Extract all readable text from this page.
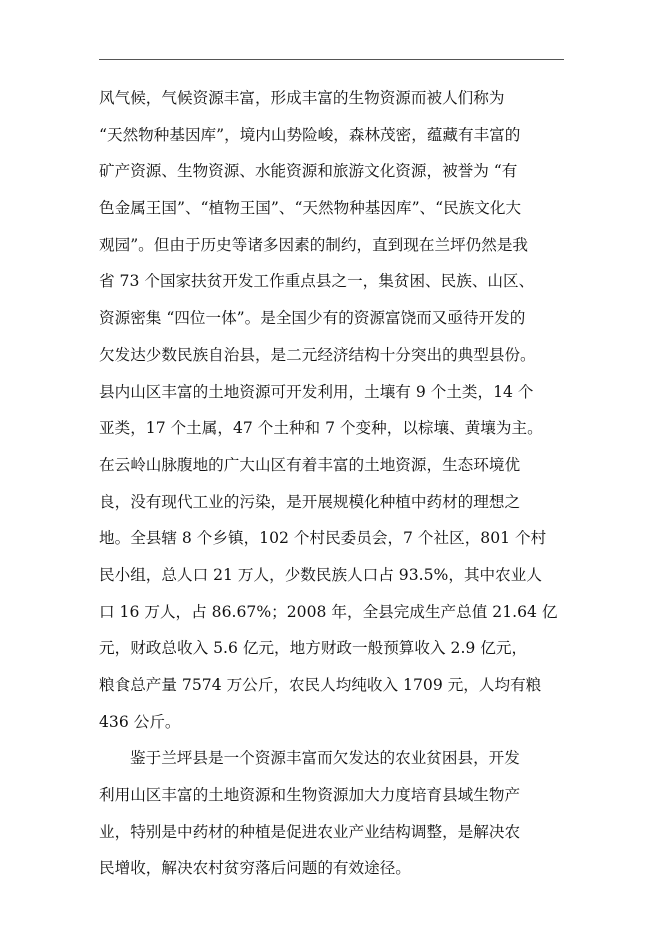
风气候，气候资源丰富，形成丰富的生物资源而被人们称为
“天然物种基因库”，境内山势险峻，森林茂密，蕴藏有丰富的
矿产资源、生物资源、水能资源和旅游文化资源，被誉为 “有
色金属王国”、“植物王国”、“天然物种基因库”、“民族文化大
观园”。但由于历史等诸多因素的制约，直到现在兰坪仍然是我
省 73 个国家扶贫开发工作重点县之一，集贫困、民族、山区、
资源密集 “四位一体”。是全国少有的资源富饶而又亟待开发的
欠发达少数民族自治县，是二元经济结构十分突出的典型县份。
县内山区丰富的土地资源可开发利用，土壤有 9 个土类，14 个
亚类，17 个土属，47 个土种和 7 个变种，以棕壤、黄壤为主。
在云岭山脉腹地的广大山区有着丰富的土地资源，生态环境优
良，没有现代工业的污染，是开展规模化种植中药材的理想之
地。全县辖 8 个乡镇，102 个村民委员会，7 个社区，801 个村
民小组，总人口 21 万人，少数民族人口占 93.5%，其中农业人
口 16 万人，占 86.67%；2008 年，全县完成生产总值 21.64 亿
元，财政总收入 5.6 亿元，地方财政一般预算收入 2.9 亿元，
粮食总产量 7574 万公斤，农民人均纯收入 1709 元，人均有粮
436 公斤。
鉴于兰坪县是一个资源丰富而欠发达的农业贫困县，开发
利用山区丰富的土地资源和生物资源加大力度培育县域生物产
业，特别是中药材的种植是促进农业产业结构调整，是解决农
民增收，解决农村贫穷落后问题的有效途径。
